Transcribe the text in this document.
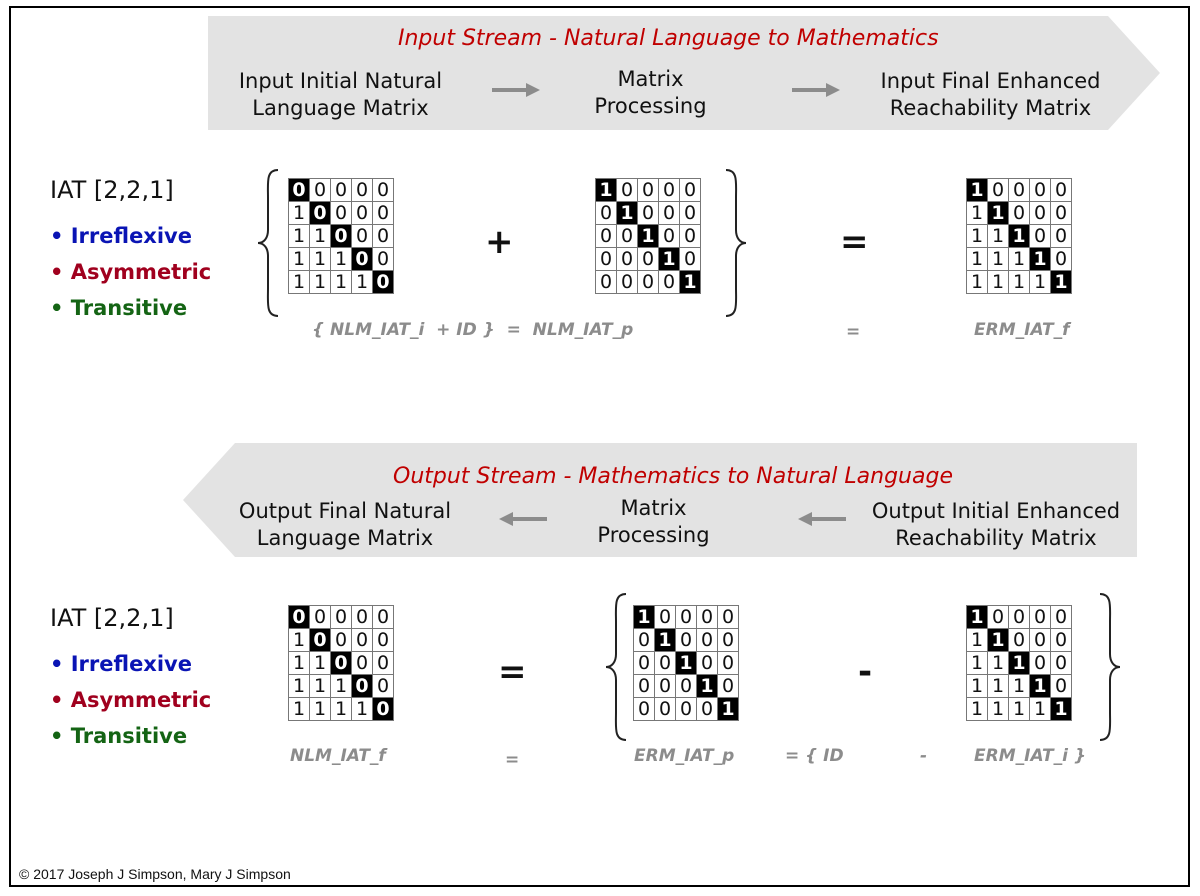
Input Stream - Natural Language to Mathematics
Input Initial Natural
Language Matrix
Matrix
Processing
Input Final Enhanced
Reachability Matrix
Output Stream - Mathematics to Natural Language
Output Final Natural
Language Matrix
Matrix
Processing
Output Initial Enhanced
Reachability Matrix
IAT [2,2,1]
• Irreflexive
• Asymmetric
• Transitive
IAT [2,2,1]
• Irreflexive
• Asymmetric
• Transitive
0	0	0	0	0
1	0	0	0	0
1	1	0	0	0
1	1	1	0	0
1	1	1	1	0
1	0	0	0	0
0	1	0	0	0
0	0	1	0	0
0	0	0	1	0
0	0	0	0	1
1	0	0	0	0
1	1	0	0	0
1	1	1	0	0
1	1	1	1	0
1	1	1	1	1
0	0	0	0	0
1	0	0	0	0
1	1	0	0	0
1	1	1	0	0
1	1	1	1	0
1	0	0	0	0
0	1	0	0	0
0	0	1	0	0
0	0	0	1	0
0	0	0	0	1
1	0	0	0	0
1	1	0	0	0
1	1	1	0	0
1	1	1	1	0
1	1	1	1	1
+	=
=	-
{ NLM_IAT_i  + ID }  =  NLM_IAT_p	=	ERM_IAT_f
NLM_IAT_f	=	ERM_IAT_p	= { ID	-	ERM_IAT_i }
© 2017 Joseph J Simpson, Mary J Simpson
